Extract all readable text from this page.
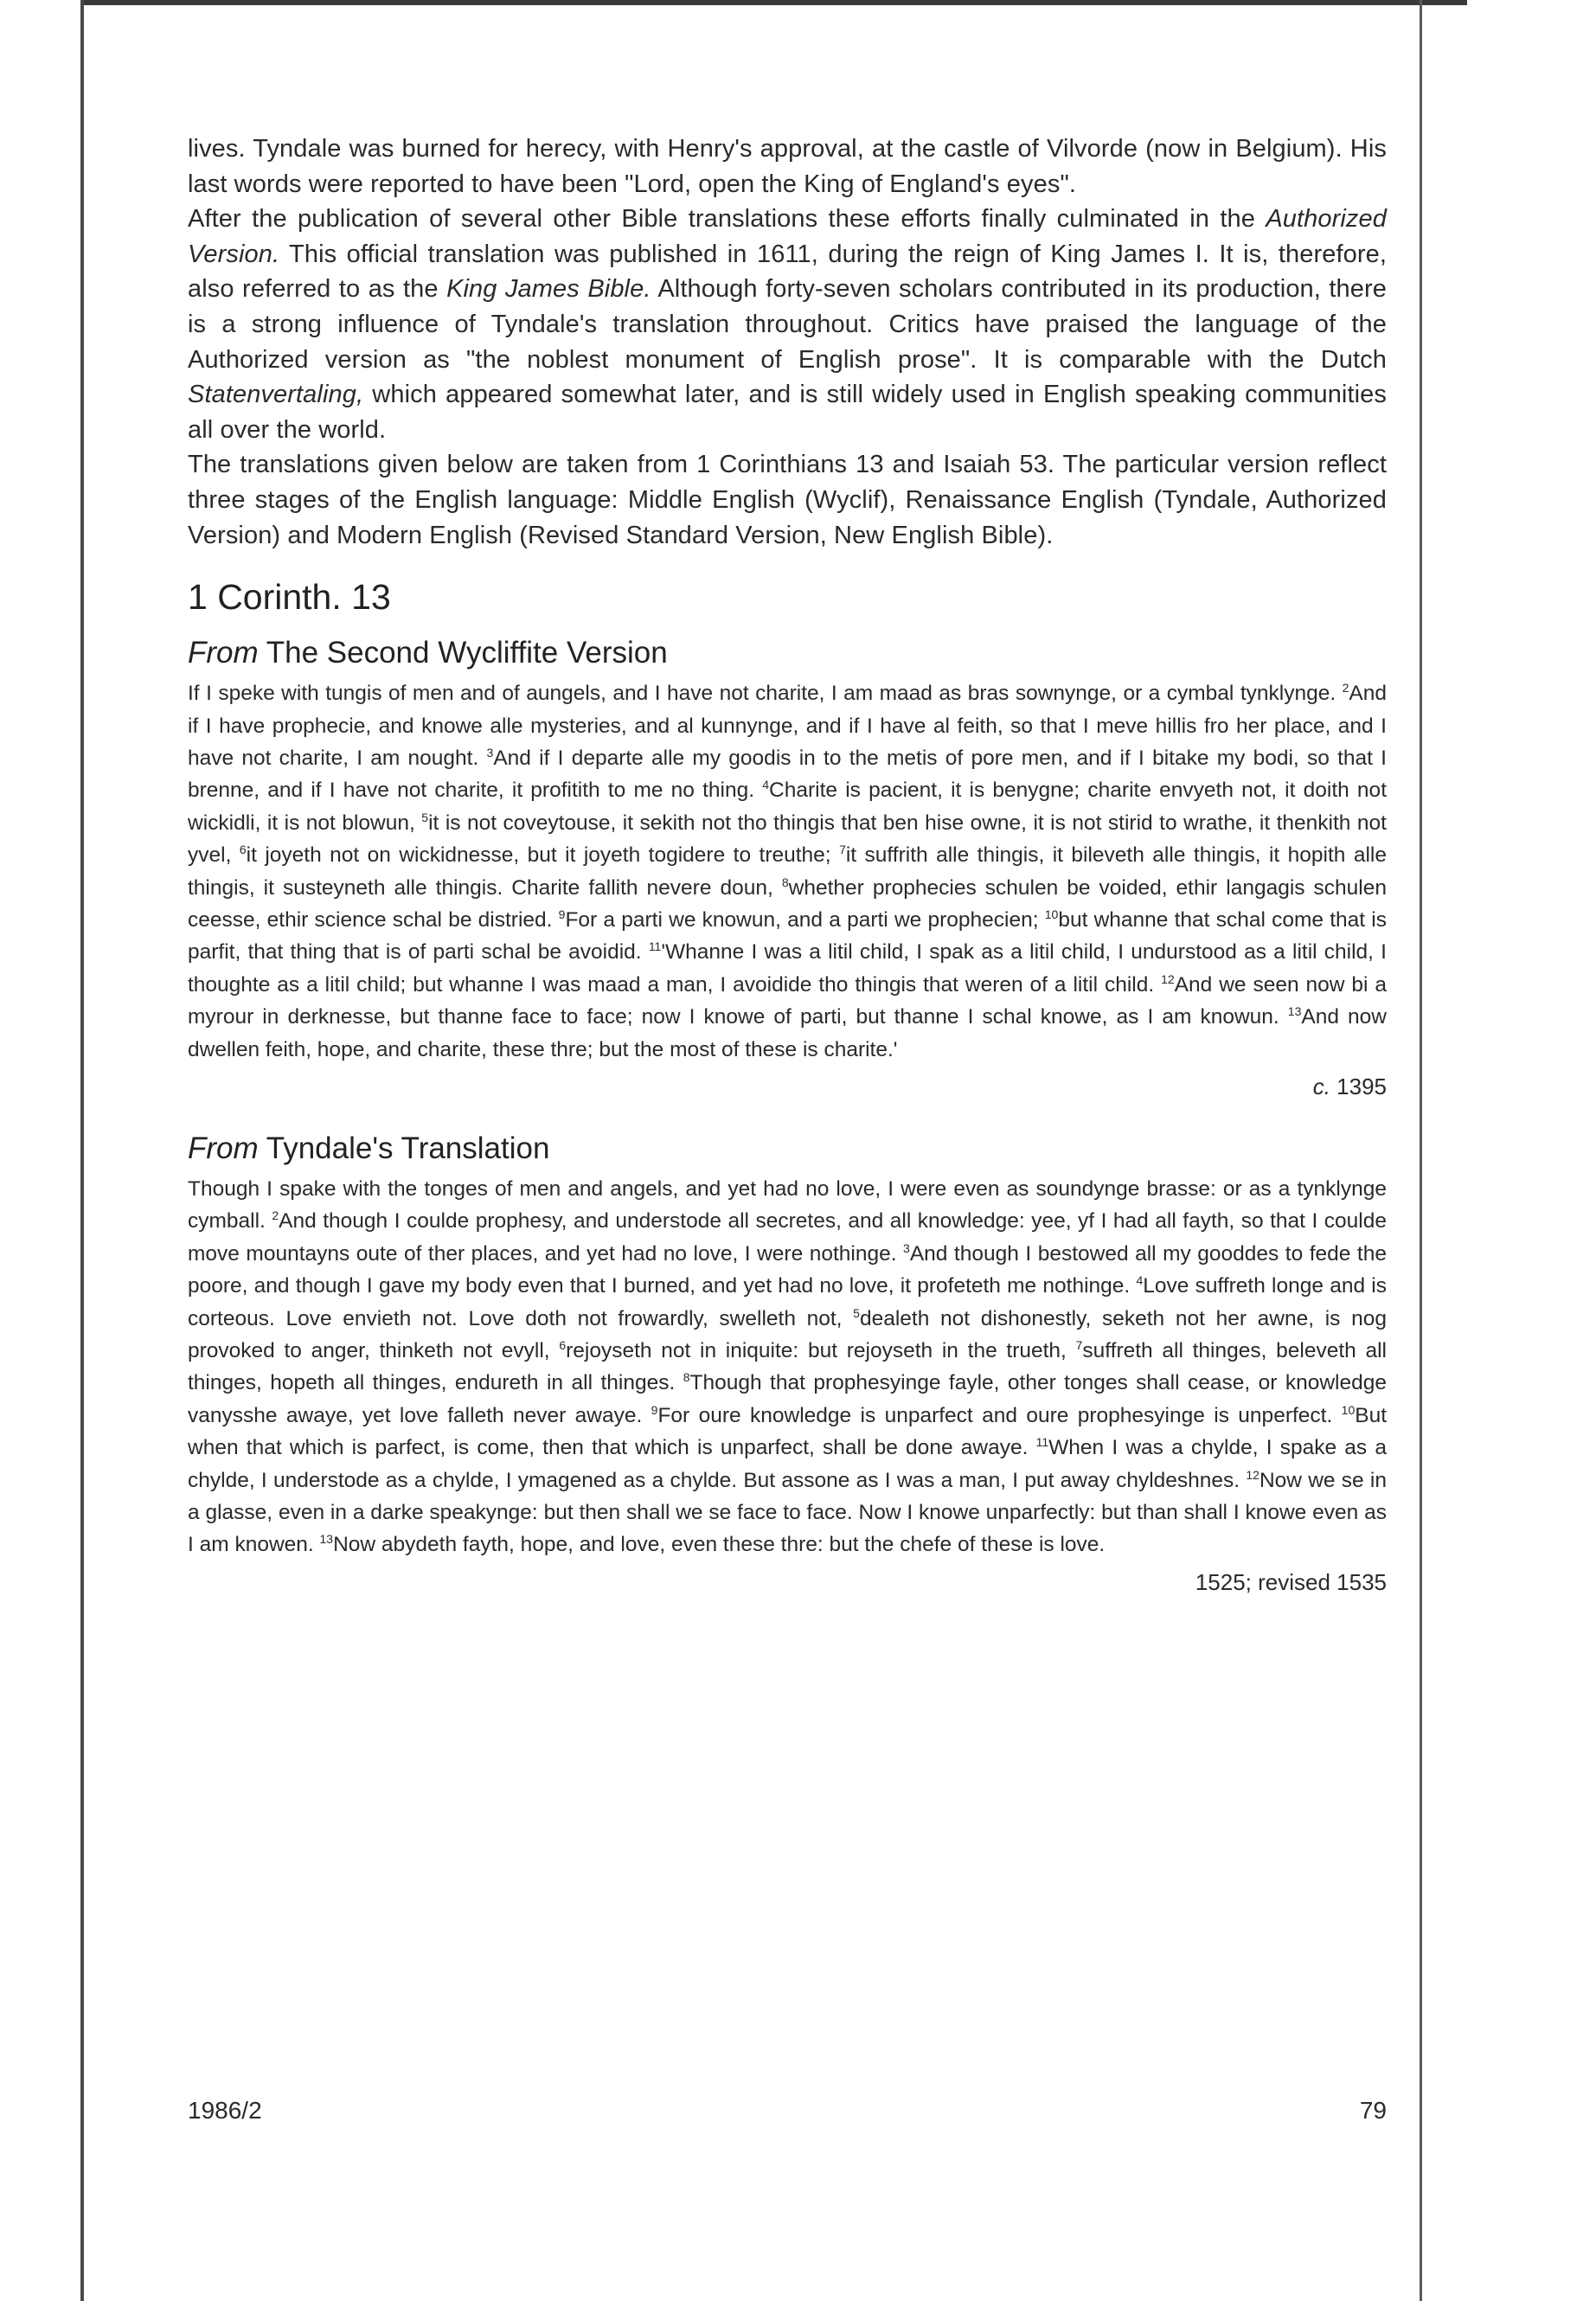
lives. Tyndale was burned for herecy, with Henry's approval, at the castle of Vilvorde (now in Belgium). His last words were reported to have been "Lord, open the King of England's eyes".

After the publication of several other Bible translations these efforts finally culminated in the Authorized Version. This official translation was published in 1611, during the reign of King James I. It is, therefore, also referred to as the King James Bible. Although forty-seven scholars contributed in its production, there is a strong influence of Tyndale's translation throughout. Critics have praised the language of the Authorized version as "the noblest monument of English prose". It is comparable with the Dutch Statenvertaling, which appeared somewhat later, and is still widely used in English speaking communities all over the world.

The translations given below are taken from 1 Corinthians 13 and Isaiah 53. The particular version reflect three stages of the English language: Middle English (Wyclif), Renaissance English (Tyndale, Authorized Version) and Modern English (Revised Standard Version, New English Bible).

1 Corinth. 13
From The Second Wycliffite Version

If I speke with tungis of men and of aungels, and I have not charite, I am maad as bras sownynge, or a cymbal tynklynge. $^2$And if I have prophecie, and knowe alle mysteries, and al kunnynge, and if I have al feith, so that I meve hillis fro her place, and I have not charite, I am nought. $^3$And if I departe alle my goodis in to the metis of pore men, and if I bitake my bodi, so that I brenne, and if I have not charite, it profitith to me no thing. $^4$Charite is pacient, it is benygne; charite envyeth not, it doith not wickidli, it is not blowun, $^5$it is not coveytouse, it sekith not tho thingis that ben hise owne, it is not stirid to wrathe, it thenkith not yvel, $^6$it joyeth not on wickidnesse, but it joyeth togidere to treuthe; $^7$it suffrith alle thingis, it bileveth alle thingis, it hopith alle thingis, it susteyneth alle thingis. Charite fallith nevere doun, $^8$whether prophecies schulen be voided, ethir langagis schulen ceesse, ethir science schal be distried. $^9$For a parti we knowun, and a parti we prophecien; $^{10}$but whanne that schal come that is parfit, that thing that is of parti schal be avoidid. $^{11}$'Whanne I was a litil child, I spak as a litil child, I undurstood as a litil child, I thoughte as a litil child; but whanne I was maad a man, I avoidide tho thingis that weren of a litil child. $^{12}$And we seen now bi a myrour in derknesse, but thanne face to face; now I knowe of parti, but thanne I schal knowe, as I am knowun. $^{13}$And now dwellen feith, hope, and charite, these thre; but the most of these is charite.'

c. 1395

From Tyndale's Translation

Though I spake with the tonges of men and angels, and yet had no love, I were even as soundynge brasse: or as a tynklynge cymball. $^2$And though I coulde prophesy, and understode all secretes, and all knowledge: yee, yf I had all fayth, so that I coulde move mountayns oute of ther places, and yet had no love, I were nothinge. $^3$And though I bestowed all my gooddes to fede the poore, and though I gave my body even that I burned, and yet had no love, it profeteth me nothinge. $^4$Love suffreth longe and is corteous. Love envieth not. Love doth not frowardly, swelleth not, $^5$dealeth not dishonestly, seketh not her awne, is nog provoked to anger, thinketh not evyll, $^6$rejoyseth not in iniquite: but rejoyseth in the trueth, $^7$suffreth all thinges, beleveth all thinges, hopeth all thinges, endureth in all thinges. $^8$Though that prophesyinge fayle, other tonges shall cease, or knowledge vanysshe awaye, yet love falleth never awaye. $^9$For oure knowledge is unparfect and oure prophesyinge is unperfect. $^{10}$But when that which is parfect, is come, then that which is unparfect, shall be done awaye. $^{11}$When I was a chylde, I spake as a chylde, I understode as a chylde, I ymagened as a chylde. But assone as I was a man, I put away chyldeshnes. $^{12}$Now we se in a glasse, even in a darke speakynge: but then shall we se face to face. Now I knowe unparfectly: but than shall I knowe even as I am knowen. $^{13}$Now abydeth fayth, hope, and love, even these thre: but the chefe of these is love.

1525; revised 1535

1986/2	79
